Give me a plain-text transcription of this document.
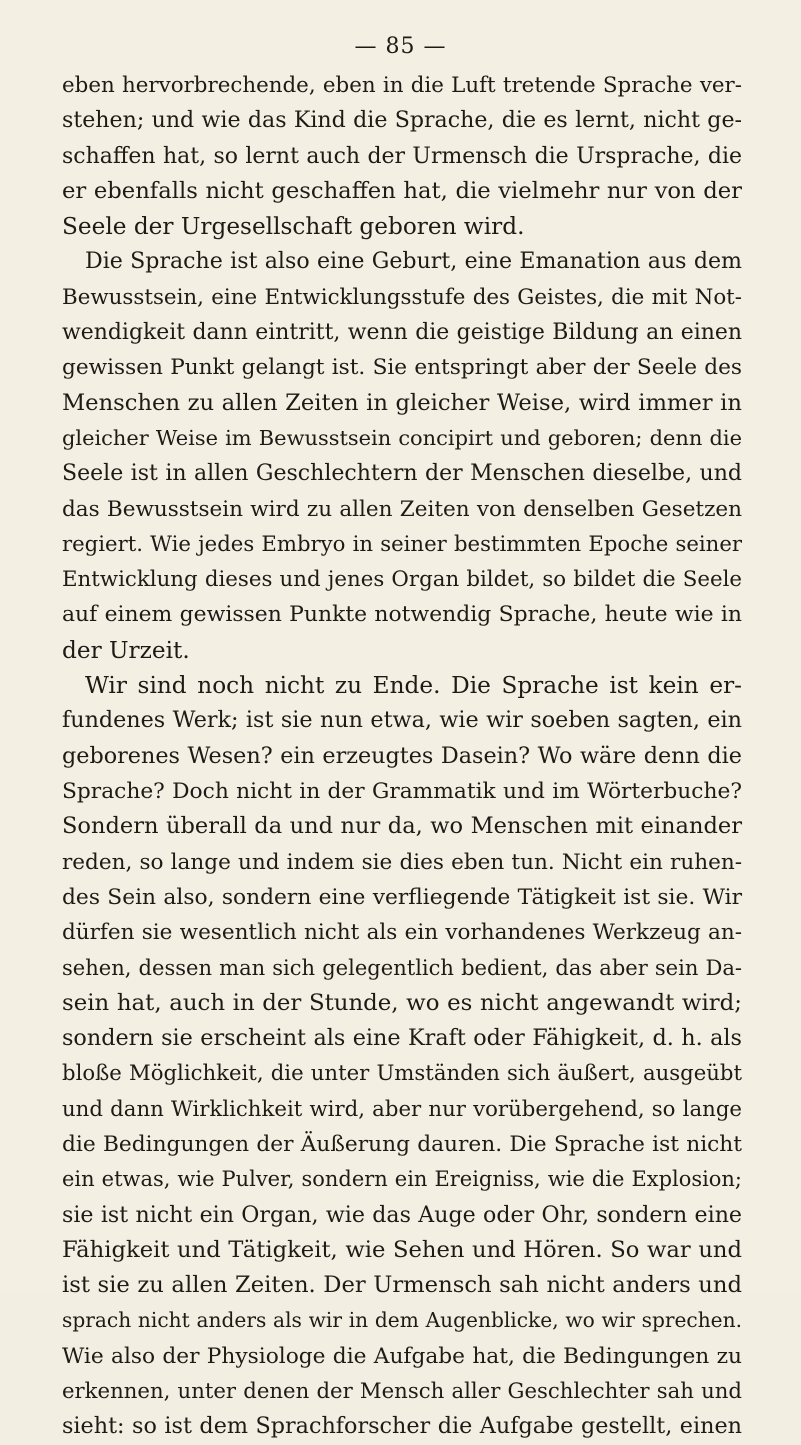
— 85 —
eben hervorbrechende, eben in die Luft tretende Sprache ver-
stehen; und wie das Kind die Sprache, die es lernt, nicht ge-
schaffen hat, so lernt auch der Urmensch die Ursprache, die
er ebenfalls nicht geschaffen hat, die vielmehr nur von der
Seele der Urgesellschaft geboren wird.
Die Sprache ist also eine Geburt, eine Emanation aus dem
Bewusstsein, eine Entwicklungsstufe des Geistes, die mit Not-
wendigkeit dann eintritt, wenn die geistige Bildung an einen
gewissen Punkt gelangt ist. Sie entspringt aber der Seele des
Menschen zu allen Zeiten in gleicher Weise, wird immer in
gleicher Weise im Bewusstsein concipirt und geboren; denn die
Seele ist in allen Geschlechtern der Menschen dieselbe, und
das Bewusstsein wird zu allen Zeiten von denselben Gesetzen
regiert. Wie jedes Embryo in seiner bestimmten Epoche seiner
Entwicklung dieses und jenes Organ bildet, so bildet die Seele
auf einem gewissen Punkte notwendig Sprache, heute wie in
der Urzeit.
Wir sind noch nicht zu Ende. Die Sprache ist kein er-
fundenes Werk; ist sie nun etwa, wie wir soeben sagten, ein
geborenes Wesen? ein erzeugtes Dasein? Wo wäre denn die
Sprache? Doch nicht in der Grammatik und im Wörterbuche?
Sondern überall da und nur da, wo Menschen mit einander
reden, so lange und indem sie dies eben tun. Nicht ein ruhen-
des Sein also, sondern eine verfliegende Tätigkeit ist sie. Wir
dürfen sie wesentlich nicht als ein vorhandenes Werkzeug an-
sehen, dessen man sich gelegentlich bedient, das aber sein Da-
sein hat, auch in der Stunde, wo es nicht angewandt wird;
sondern sie erscheint als eine Kraft oder Fähigkeit, d. h. als
bloße Möglichkeit, die unter Umständen sich äußert, ausgeübt
und dann Wirklichkeit wird, aber nur vorübergehend, so lange
die Bedingungen der Äußerung dauren. Die Sprache ist nicht
ein etwas, wie Pulver, sondern ein Ereigniss, wie die Explosion;
sie ist nicht ein Organ, wie das Auge oder Ohr, sondern eine
Fähigkeit und Tätigkeit, wie Sehen und Hören. So war und
ist sie zu allen Zeiten. Der Urmensch sah nicht anders und
sprach nicht anders als wir in dem Augenblicke, wo wir sprechen.
Wie also der Physiologe die Aufgabe hat, die Bedingungen zu
erkennen, unter denen der Mensch aller Geschlechter sah und
sieht: so ist dem Sprachforscher die Aufgabe gestellt, einen
